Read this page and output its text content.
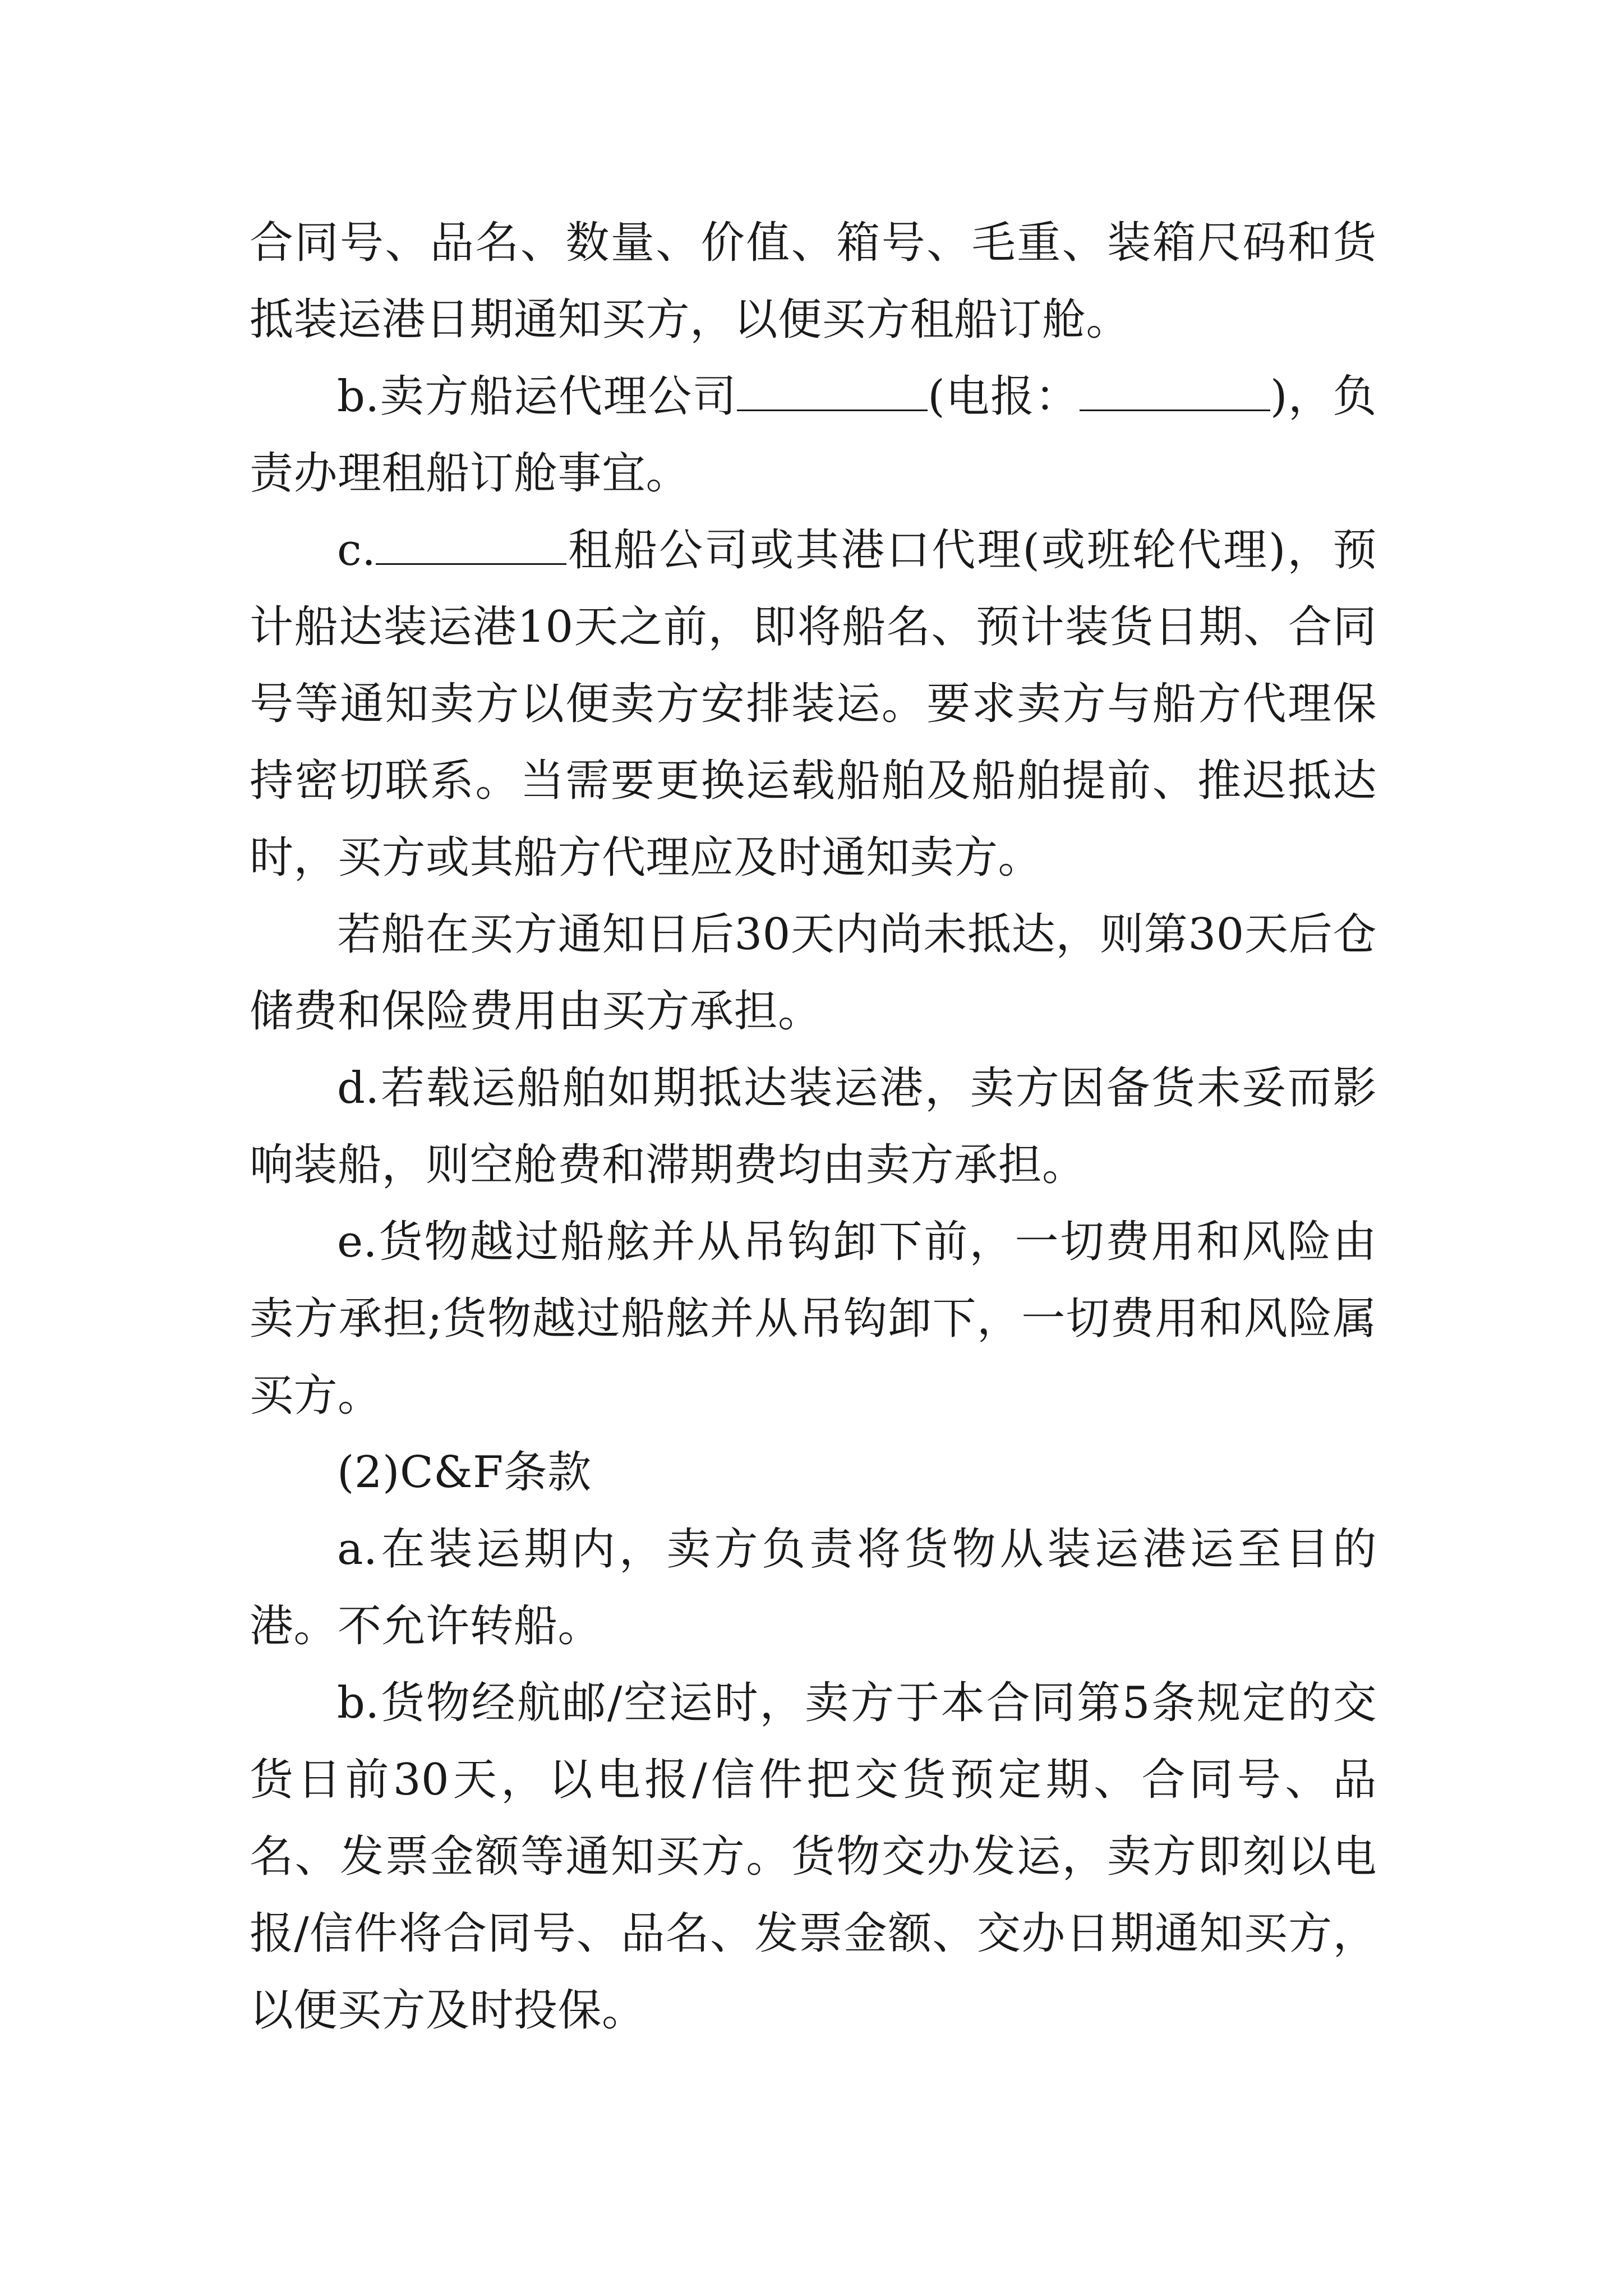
合同号、品名、数量、价值、箱号、毛重、装箱尺码和货抵装运港日期通知买方，以便买方租船订舱。

b.卖方船运代理公司	(电报：	)，负责办理租船订舱事宜。

c.	租船公司或其港口代理(或班轮代理)，预计船达装运港10天之前，即将船名、预计装货日期、合同号等通知卖方以便卖方安排装运。要求卖方与船方代理保持密切联系。当需要更换运载船舶及船舶提前、推迟抵达时，买方或其船方代理应及时通知卖方。

若船在买方通知日后30天内尚未抵达，则第30天后仓储费和保险费用由买方承担。

d.若载运船舶如期抵达装运港，卖方因备货未妥而影响装船，则空舱费和滞期费均由卖方承担。

e.货物越过船舷并从吊钩卸下前，一切费用和风险由卖方承担;货物越过船舷并从吊钩卸下，一切费用和风险属买方。

(2)C&F条款

a.在装运期内，卖方负责将货物从装运港运至目的港。不允许转船。

b.货物经航邮/空运时，卖方于本合同第5条规定的交货日前30天，以电报/信件把交货预定期、合同号、品名、发票金额等通知买方。货物交办发运，卖方即刻以电报/信件将合同号、品名、发票金额、交办日期通知买方，以便买方及时投保。
